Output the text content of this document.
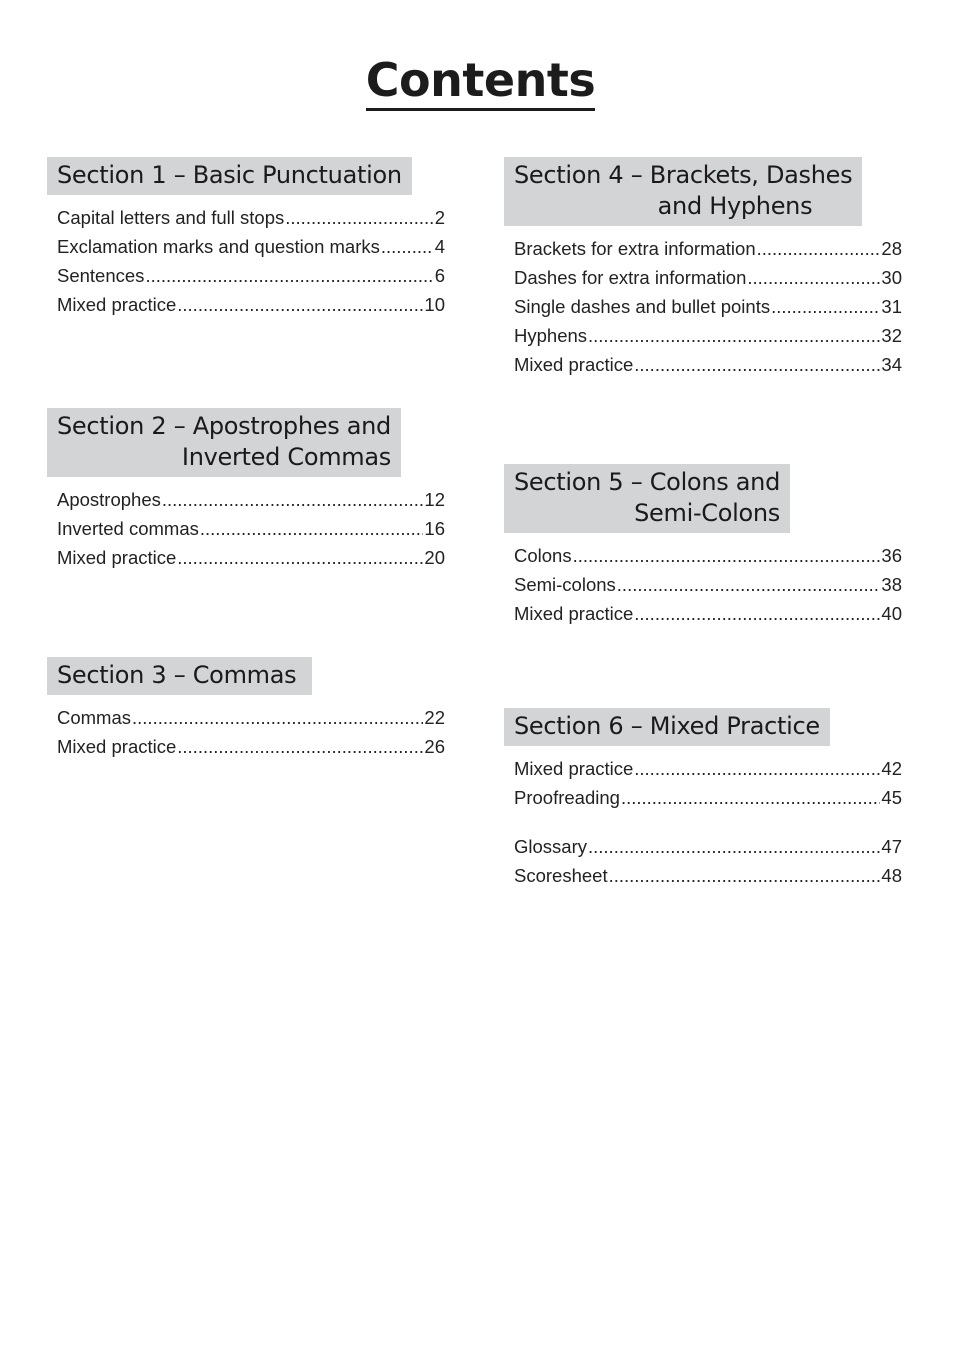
Contents
Section 1 – Basic Punctuation
Capital letters and full stops .....	2
Exclamation marks and question marks .....	4
Sentences .....	6
Mixed practice .....	10
Section 2 – Apostrophes and
Inverted Commas
Apostrophes .....	12
Inverted commas .....	16
Mixed practice .....	20
Section 3 – Commas
Commas .....	22
Mixed practice .....	26
Section 4 – Brackets, Dashes
and Hyphens
Brackets for extra information .....	28
Dashes for extra information .....	30
Single dashes and bullet points .....	31
Hyphens .....	32
Mixed practice .....	34
Section 5 – Colons and
Semi-Colons
Colons .....	36
Semi-colons .....	38
Mixed practice .....	40
Section 6 – Mixed Practice
Mixed practice .....	42
Proofreading .....	45
Glossary .....	47
Scoresheet .....	48
